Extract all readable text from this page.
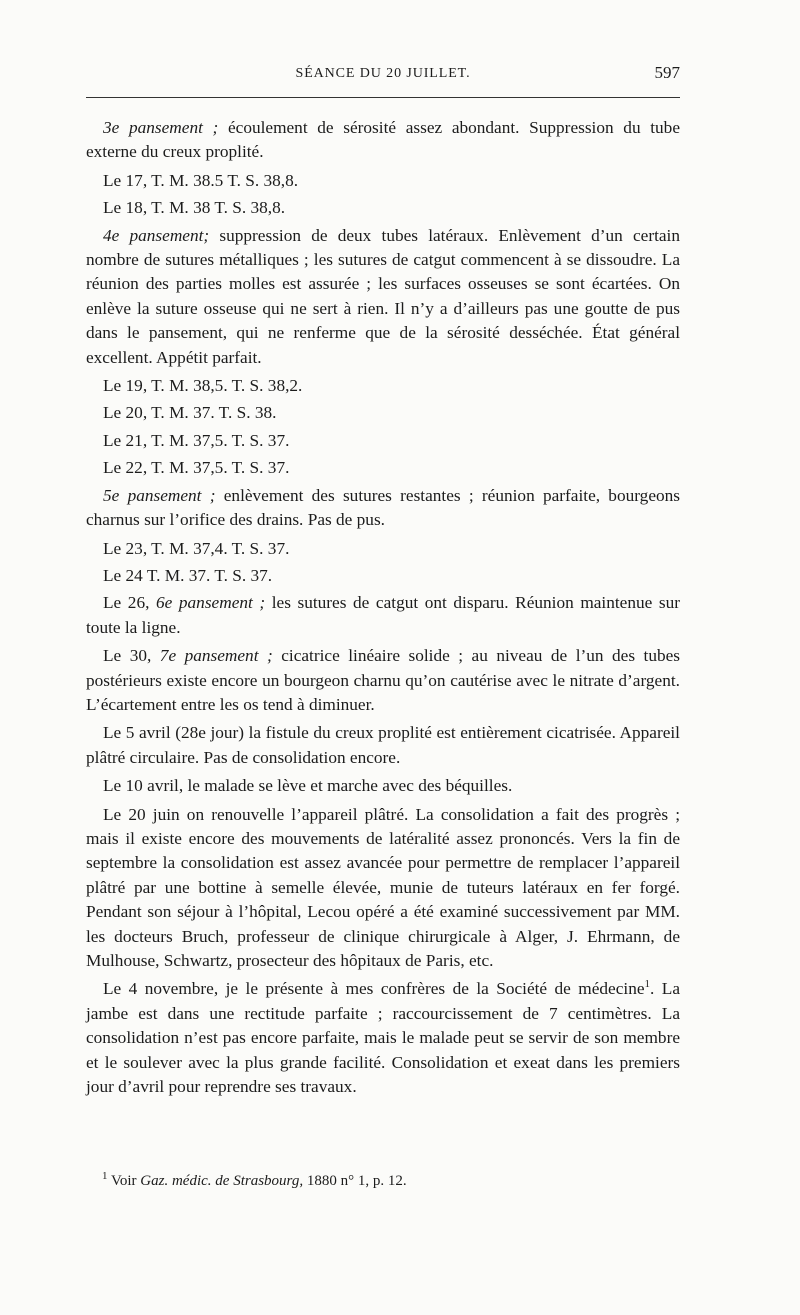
SÉANCE DU 20 JUILLET.	597

3e pansement ; écoulement de sérosité assez abondant. Suppression du tube externe du creux proplité.

Le 17, T. M. 38.5 T. S. 38,8.

Le 18, T. M. 38 T. S. 38,8.

4e pansement; suppression de deux tubes latéraux. Enlèvement d’un certain nombre de sutures métalliques ; les sutures de catgut commencent à se dissoudre. La réunion des parties molles est assurée ; les surfaces osseuses se sont écartées. On enlève la suture osseuse qui ne sert à rien. Il n’y a d’ailleurs pas une goutte de pus dans le pansement, qui ne renferme que de la sérosité desséchée. État général excellent. Appétit parfait.

Le 19, T. M. 38,5. T. S. 38,2.

Le 20, T. M. 37. T. S. 38.

Le 21, T. M. 37,5. T. S. 37.

Le 22, T. M. 37,5. T. S. 37.

5e pansement ; enlèvement des sutures restantes ; réunion parfaite, bourgeons charnus sur l’orifice des drains. Pas de pus.

Le 23, T. M. 37,4. T. S. 37.

Le 24 T. M. 37. T. S. 37.

Le 26, 6e pansement ; les sutures de catgut ont disparu. Réunion maintenue sur toute la ligne.

Le 30, 7e pansement ; cicatrice linéaire solide ; au niveau de l’un des tubes postérieurs existe encore un bourgeon charnu qu’on cautérise avec le nitrate d’argent. L’écartement entre les os tend à diminuer.

Le 5 avril (28e jour) la fistule du creux proplité est entièrement cicatrisée. Appareil plâtré circulaire. Pas de consolidation encore.

Le 10 avril, le malade se lève et marche avec des béquilles.

Le 20 juin on renouvelle l’appareil plâtré. La consolidation a fait des progrès ; mais il existe encore des mouvements de latéralité assez prononcés. Vers la fin de septembre la consolidation est assez avancée pour permettre de remplacer l’appareil plâtré par une bottine à semelle élevée, munie de tuteurs latéraux en fer forgé. Pendant son séjour à l’hôpital, Lecou opéré a été examiné successivement par MM. les docteurs Bruch, professeur de clinique chirurgicale à Alger, J. Ehrmann, de Mulhouse, Schwartz, prosecteur des hôpitaux de Paris, etc.

Le 4 novembre, je le présente à mes confrères de la Société de médecine$^1$. La jambe est dans une rectitude parfaite ; raccourcissement de 7 centimètres. La consolidation n’est pas encore parfaite, mais le malade peut se servir de son membre et le soulever avec la plus grande facilité. Consolidation et exeat dans les premiers jour d’avril pour reprendre ses travaux.

$^1$ Voir Gaz. médic. de Strasbourg, 1880 n° 1, p. 12.
